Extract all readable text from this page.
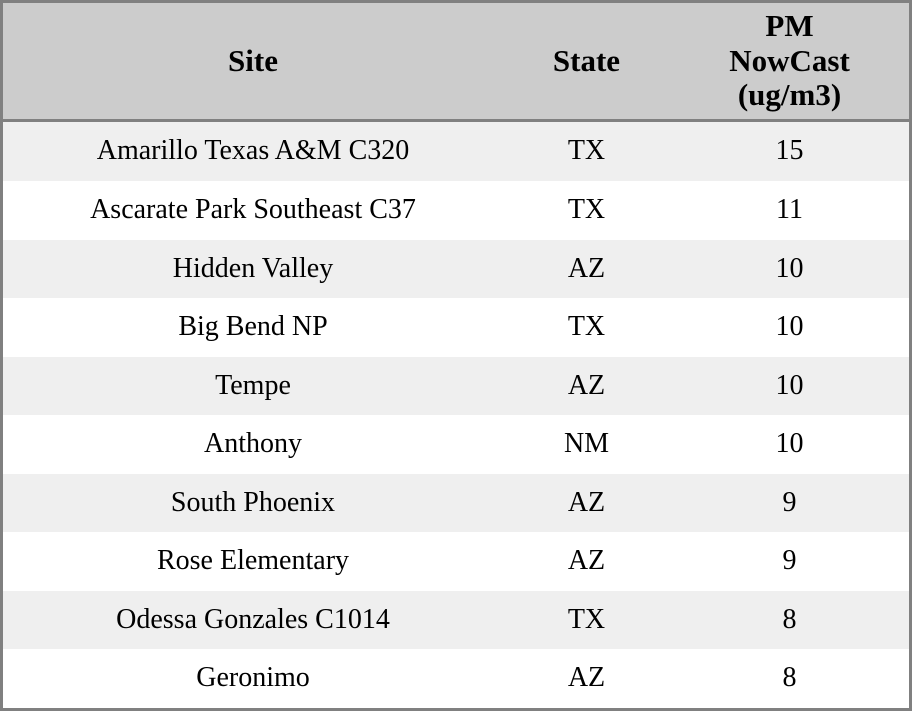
Site	State	PM
NowCast
(ug/m3)

Amarillo Texas A&M C320	TX	15
Ascarate Park Southeast C37	TX	11
Hidden Valley	AZ	10
Big Bend NP	TX	10
Tempe	AZ	10
Anthony	NM	10
South Phoenix	AZ	9
Rose Elementary	AZ	9
Odessa Gonzales C1014	TX	8
Geronimo	AZ	8
